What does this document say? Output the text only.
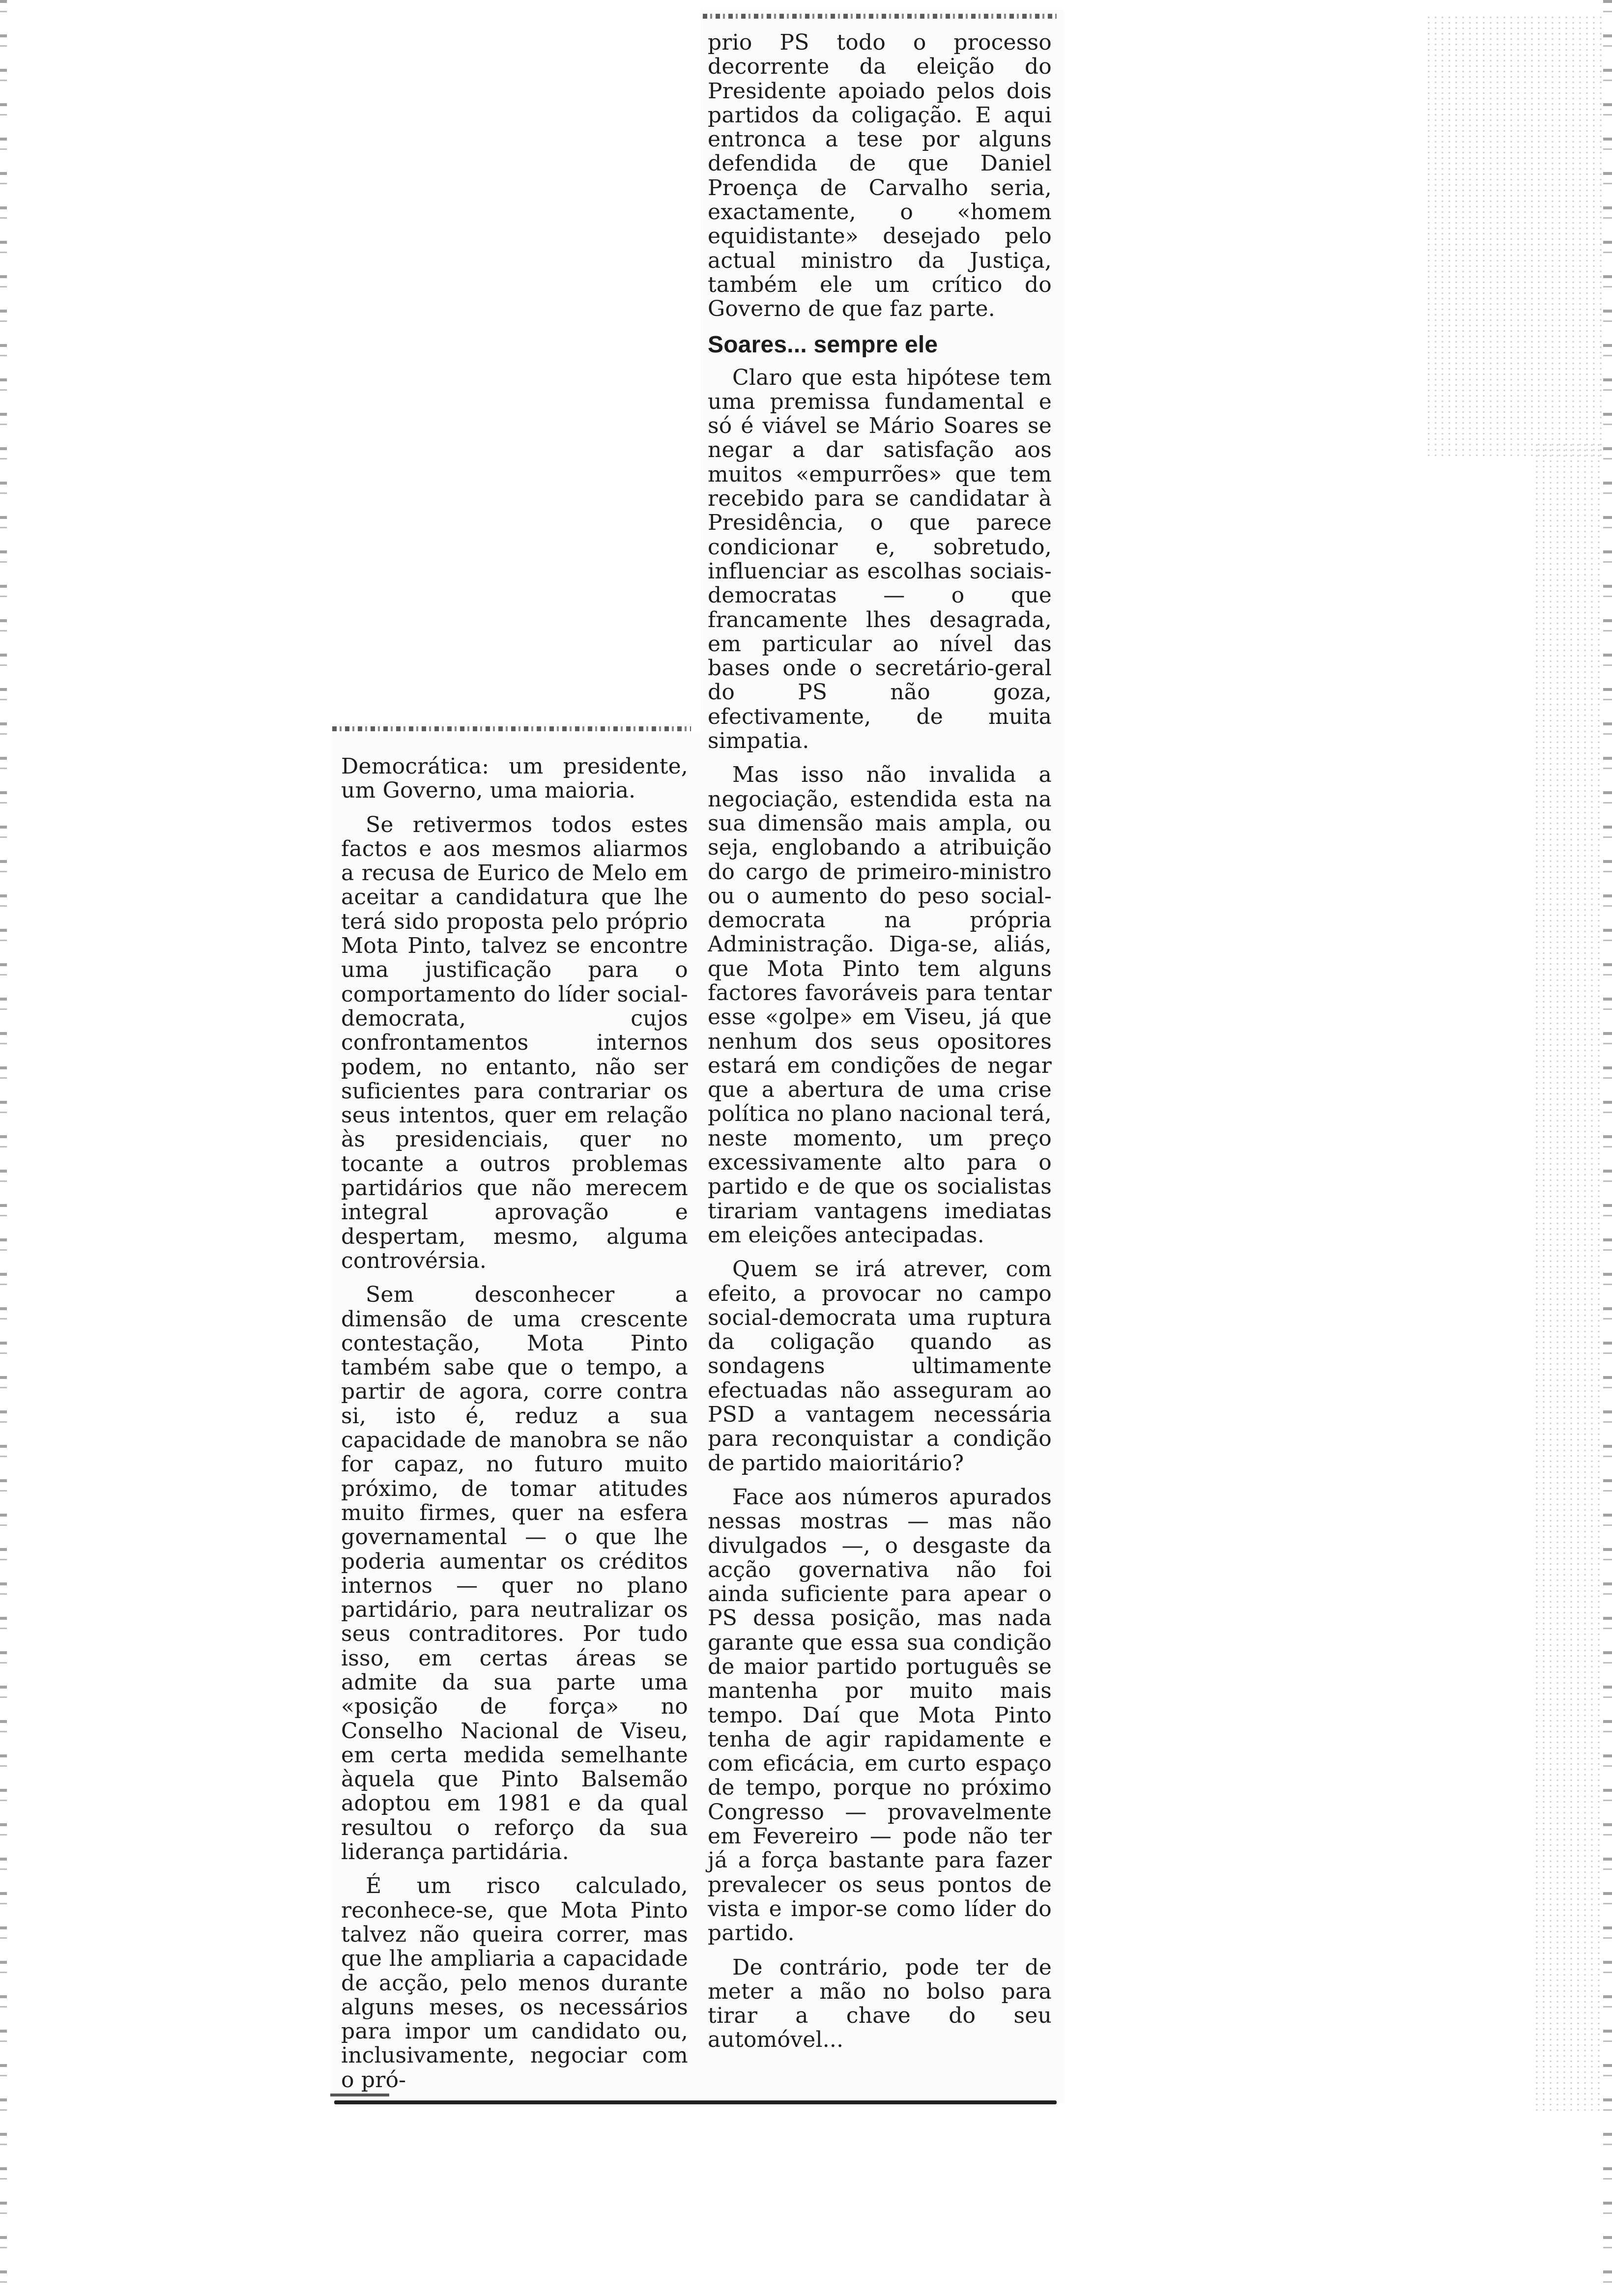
prio PS todo o processo decorrente da eleição do Presidente apoiado pelos dois partidos da coligação. E aqui entronca a tese por alguns defendida de que Daniel Proença de Carvalho seria, exactamente, o «homem equidistante» desejado pelo actual ministro da Justiça, também ele um crítico do Governo de que faz parte.

Soares... sempre ele

Claro que esta hipótese tem uma premissa fundamental e só é viável se Mário Soares se negar a dar satisfação aos muitos «empurrões» que tem recebido para se candidatar à Presidência, o que parece condicionar e, sobretudo, influenciar as escolhas sociais-democratas — o que francamente lhes desagrada, em particular ao nível das bases onde o secretário-geral do PS não goza, efectivamente, de muita simpatia.

Mas isso não invalida a negociação, estendida esta na sua dimensão mais ampla, ou seja, englobando a atribuição do cargo de primeiro-ministro ou o aumento do peso social-democrata na própria Administração. Diga-se, aliás, que Mota Pinto tem alguns factores favoráveis para tentar esse «golpe» em Viseu, já que nenhum dos seus opositores estará em condições de negar que a abertura de uma crise política no plano nacional terá, neste momento, um preço excessivamente alto para o partido e de que os socialistas tirariam vantagens imediatas em eleições antecipadas.

Quem se irá atrever, com efeito, a provocar no campo social-democrata uma ruptura da coligação quando as sondagens ultimamente efectuadas não asseguram ao PSD a vantagem necessária para reconquistar a condição de partido maioritário?

Face aos números apurados nessas mostras — mas não divulgados —, o desgaste da acção governativa não foi ainda suficiente para apear o PS dessa posição, mas nada garante que essa sua condição de maior partido português se mantenha por muito mais tempo. Daí que Mota Pinto tenha de agir rapidamente e com eficácia, em curto espaço de tempo, porque no próximo Congresso — provavelmente em Fevereiro — pode não ter já a força bastante para fazer prevalecer os seus pontos de vista e impor-se como líder do partido.

De contrário, pode ter de meter a mão no bolso para tirar a chave do seu automóvel...

Democrática: um presidente, um Governo, uma maioria.

Se retivermos todos estes factos e aos mesmos aliarmos a recusa de Eurico de Melo em aceitar a candidatura que lhe terá sido proposta pelo próprio Mota Pinto, talvez se encontre uma justificação para o comportamento do líder social-democrata, cujos confrontamentos internos podem, no entanto, não ser suficientes para contrariar os seus intentos, quer em relação às presidenciais, quer no tocante a outros problemas partidários que não merecem integral aprovação e despertam, mesmo, alguma controvérsia.

Sem desconhecer a dimensão de uma crescente contestação, Mota Pinto também sabe que o tempo, a partir de agora, corre contra si, isto é, reduz a sua capacidade de manobra se não for capaz, no futuro muito próximo, de tomar atitudes muito firmes, quer na esfera governamental — o que lhe poderia aumentar os créditos internos — quer no plano partidário, para neutralizar os seus contraditores. Por tudo isso, em certas áreas se admite da sua parte uma «posição de força» no Conselho Nacional de Viseu, em certa medida semelhante àquela que Pinto Balsemão adoptou em 1981 e da qual resultou o reforço da sua liderança partidária.

É um risco calculado, reconhece-se, que Mota Pinto talvez não queira correr, mas que lhe ampliaria a capacidade de acção, pelo menos durante alguns meses, os necessários para impor um candidato ou, inclusivamente, negociar com o pró-
